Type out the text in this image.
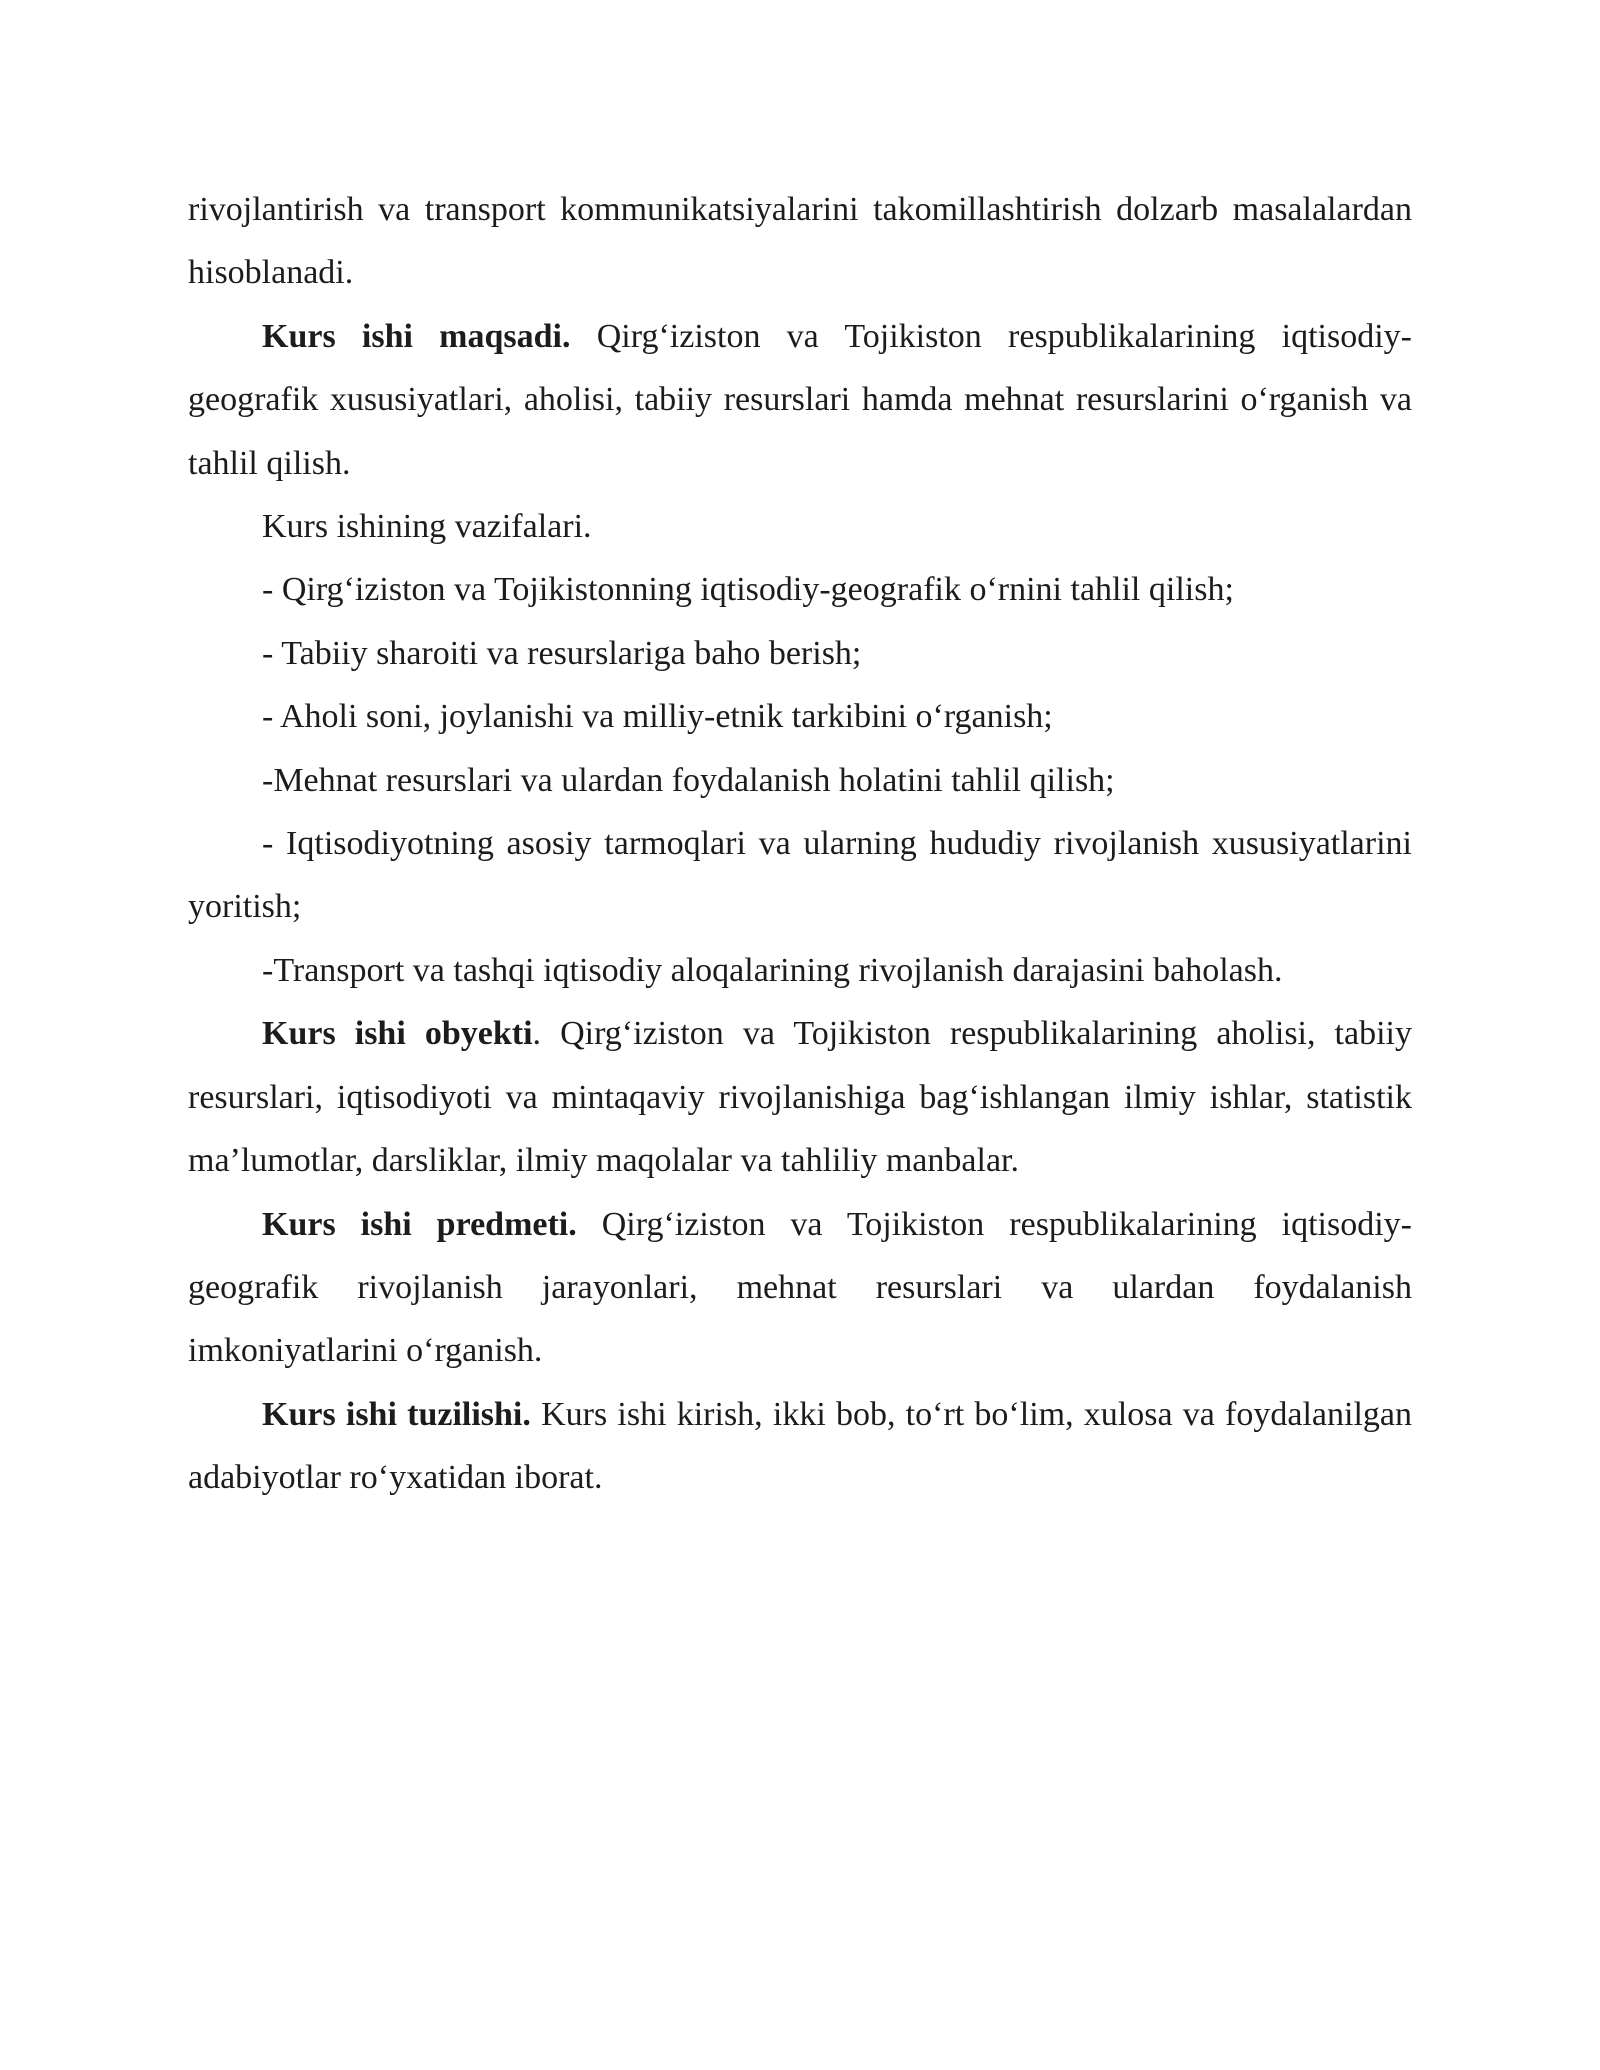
rivojlantirish va transport kommunikatsiyalarini takomillashtirish dolzarb masalalardan hisoblanadi.

Kurs ishi maqsadi. Qirg‘iziston va Tojikiston respublikalarining iqtisodiy-geografik xususiyatlari, aholisi, tabiiy resurslari hamda mehnat resurslarini o‘rganish va tahlil qilish.

Kurs ishining vazifalari.

- Qirg‘iziston va Tojikistonning iqtisodiy-geografik o‘rnini tahlil qilish;

- Tabiiy sharoiti va resurslariga baho berish;

- Aholi soni, joylanishi va milliy-etnik tarkibini o‘rganish;

-Mehnat resurslari va ulardan foydalanish holatini tahlil qilish;

- Iqtisodiyotning asosiy tarmoqlari va ularning hududiy rivojlanish xususiyatlarini yoritish;

-Transport va tashqi iqtisodiy aloqalarining rivojlanish darajasini baholash.

Kurs ishi obyekti. Qirg‘iziston va Tojikiston respublikalarining aholisi, tabiiy resurslari, iqtisodiyoti va mintaqaviy rivojlanishiga bag‘ishlangan ilmiy ishlar, statistik ma’lumotlar, darsliklar, ilmiy maqolalar va tahliliy manbalar.

Kurs ishi predmeti. Qirg‘iziston va Tojikiston respublikalarining iqtisodiy-geografik rivojlanish jarayonlari, mehnat resurslari va ulardan foydalanish imkoniyatlarini o‘rganish.

Kurs ishi tuzilishi. Kurs ishi kirish, ikki bob, to‘rt bo‘lim, xulosa va foydalanilgan adabiyotlar ro‘yxatidan iborat.
